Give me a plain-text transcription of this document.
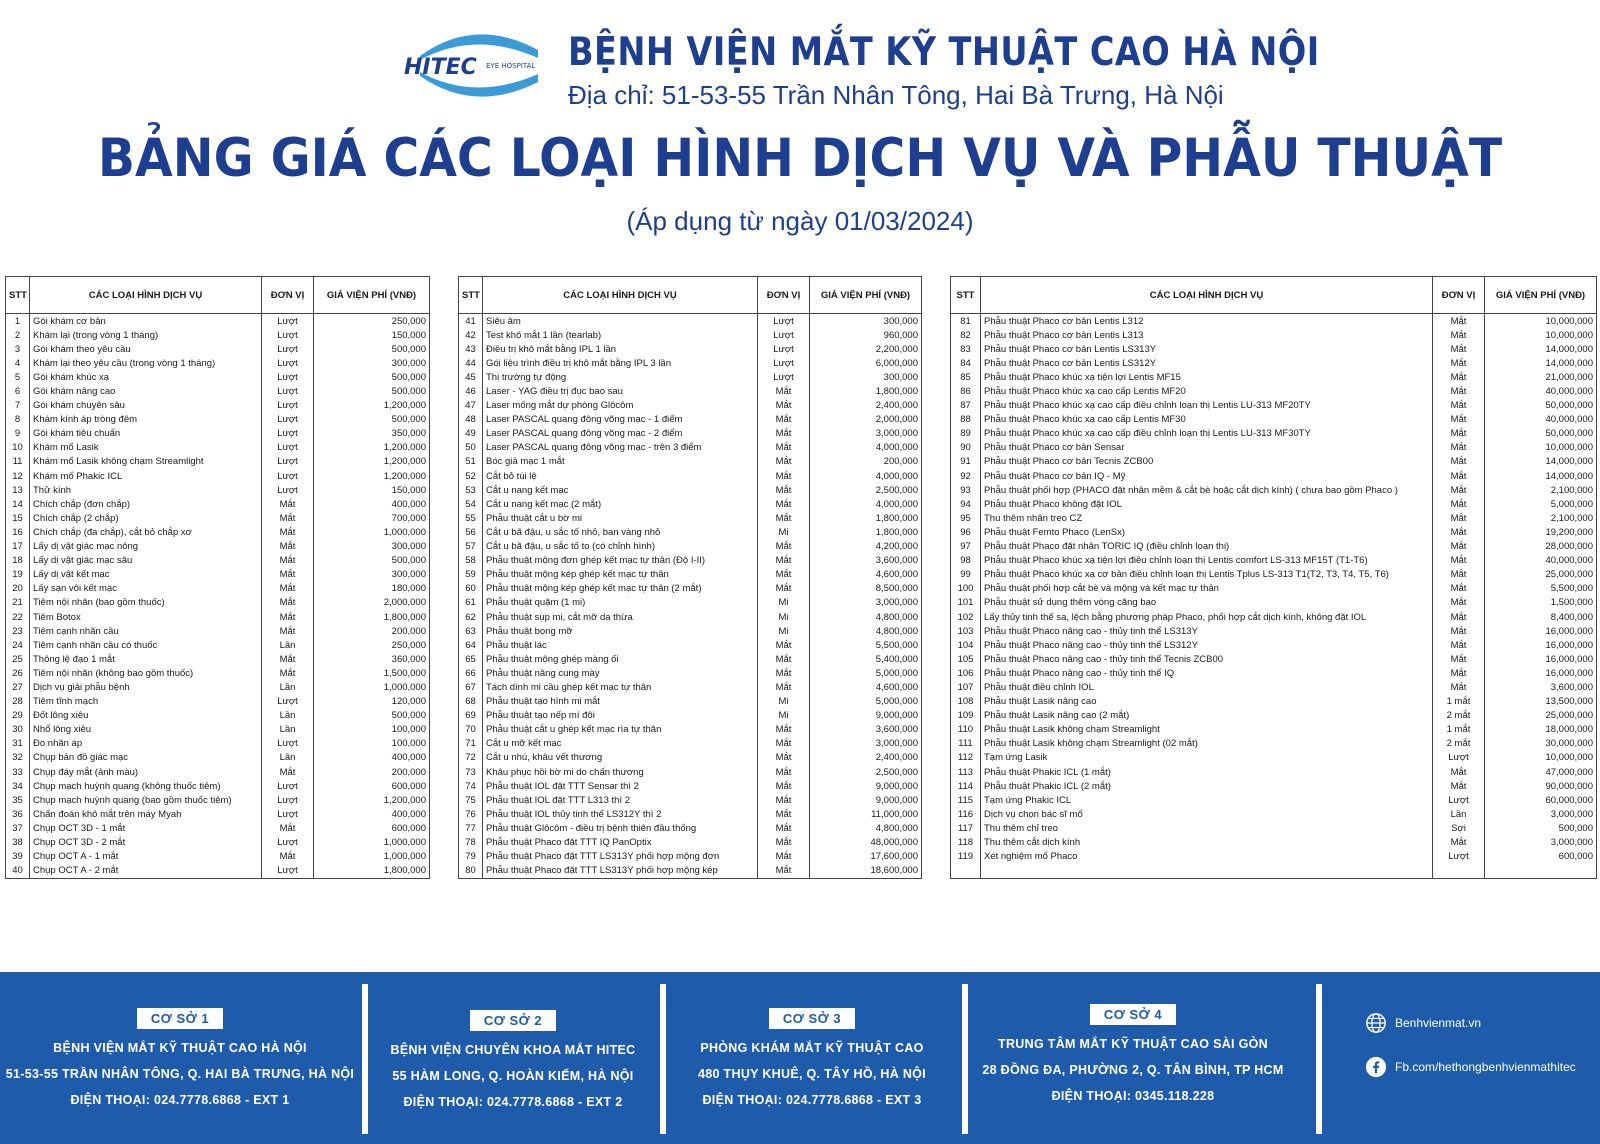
HITEC EYE HOSPITAL BỆNH VIỆN MẮT KỸ THUẬT CAO HÀ NỘI
Địa chỉ: 51-53-55 Trần Nhân Tông, Hai Bà Trưng, Hà Nội
BẢNG GIÁ CÁC LOẠI HÌNH DỊCH VỤ VÀ PHẪU THUẬT
(Áp dụng từ ngày 01/03/2024)
STT	CÁC LOẠI HÌNH DỊCH VỤ	ĐƠN VỊ	GIÁ VIỆN PHÍ (VNĐ)
1	Gói khám cơ bản	Lượt	250,000
2	Khám lại (trong vòng 1 tháng)	Lượt	150,000
3	Gói khám theo yêu cầu	Lượt	500,000
4	Khám lại theo yêu cầu (trong vòng 1 tháng)	Lượt	300,000
5	Gói khám khúc xạ	Lượt	500,000
6	Gói khám nâng cao	Lượt	500,000
7	Gói khám chuyên sâu	Lượt	1,200,000
8	Khám kính áp tròng đêm	Lượt	500,000
9	Gói khám tiêu chuẩn	Lượt	350,000
10	Khám mổ Lasik	Lượt	1,200,000
11	Khám mổ Lasik không chạm Streamlight	Lượt	1,200,000
12	Khám mổ Phakic ICL	Lượt	1,200,000
13	Thử kính	Lượt	150,000
14	Chích chắp (đơn chắp)	Mắt	400,000
15	Chích chắp (2 chắp)	Mắt	700,000
16	Chích chắp (đa chắp), cắt bỏ chắp xơ	Mắt	1,000,000
17	Lấy dị vật giác mạc nông	Mắt	300,000
18	Lấy dị vật giác mạc sâu	Mắt	500,000
19	Lấy dị vật kết mạc	Mắt	300,000
20	Lấy sạn vôi kết mạc	Mắt	180,000
21	Tiêm nội nhãn (bao gồm thuốc)	Mắt	2,000,000
22	Tiêm Botox	Mắt	1,800,000
23	Tiêm cạnh nhãn cầu	Mắt	200,000
24	Tiêm cạnh nhãn cầu có thuốc	Lần	250,000
25	Thông lệ đạo 1 mắt	Mắt	360,000
26	Tiêm nội nhãn (không bao gồm thuốc)	Mắt	1,500,000
27	Dịch vụ giải phẫu bệnh	Lần	1,000,000
28	Tiêm tĩnh mạch	Lượt	120,000
29	Đốt lông xiêu	Lần	500,000
30	Nhổ lông xiêu	Lần	100,000
31	Đo nhãn áp	Lượt	100,000
32	Chụp bản đồ giác mạc	Lần	400,000
33	Chụp đáy mắt (ảnh màu)	Mắt	200,000
34	Chụp mạch huỳnh quang (không thuốc tiêm)	Lượt	600,000
35	Chụp mạch huỳnh quang (bao gồm thuốc tiêm)	Lượt	1,200,000
36	Chẩn đoán khô mắt trên máy Myah	Lượt	400,000
37	Chụp OCT 3D - 1 mắt	Mắt	600,000
38	Chụp OCT 3D - 2 mắt	Lượt	1,000,000
39	Chụp OCT A - 1 mắt	Mắt	1,000,000
40	Chụp OCT A - 2 mắt	Lượt	1,800,000
STT	CÁC LOẠI HÌNH DỊCH VỤ	ĐƠN VỊ	GIÁ VIỆN PHÍ (VNĐ)
41	Siêu âm	Lượt	300,000
42	Test khô mắt 1 lần (tearlab)	Lượt	960,000
43	Điều trị khô mắt bằng IPL 1 lần	Lượt	2,200,000
44	Gói liệu trình điều trị khô mắt bằng IPL 3 lần	Lượt	6,000,000
45	Thị trường tự động	Lượt	300,000
46	Laser - YAG điều trị đục bao sau	Mắt	1,800,000
47	Laser mống mắt dự phòng Glôcôm	Mắt	2,400,000
48	Laser PASCAL quang đông võng mạc - 1 điểm	Mắt	2,000,000
49	Laser PASCAL quang đông võng mạc - 2 điểm	Mắt	3,000,000
50	Laser PASCAL quang đông võng mạc - trên 3 điểm	Mắt	4,000,000
51	Bóc giả mạc 1 mắt	Mắt	200,000
52	Cắt bỏ túi lệ	Mắt	4,000,000
53	Cắt u nang kết mạc	Mắt	2,500,000
54	Cắt u nang kết mạc (2 mắt)	Mắt	4,000,000
55	Phẫu thuật cắt u bờ mi	Mắt	1,800,000
56	Cắt u bã đậu, u sắc tố nhỏ, ban vàng nhỏ	Mi	1,800,000
57	Cắt u bã đậu, u sắc tố to (có chỉnh hình)	Mắt	4,200,000
58	Phẫu thuật mộng đơn ghép kết mạc tự thân (Độ I-II)	Mắt	3,600,000
59	Phẫu thuật mộng kép ghép kết mạc tự thân	Mắt	4,600,000
60	Phẫu thuật mộng kép ghép kết mạc tự thân (2 mắt)	Mắt	8,500,000
61	Phẫu thuật quặm (1 mi)	Mi	3,000,000
62	Phẫu thuật sụp mi, cắt mỡ da thừa	Mi	4,800,000
63	Phẫu thuật bọng mỡ	Mi	4,800,000
64	Phẫu thuật lác	Mắt	5,500,000
65	Phẫu thuật mộng ghép màng ối	Mắt	5,400,000
66	Phẫu thuật nâng cung mày	Mắt	5,000,000
67	Tách dính mi cầu ghép kết mạc tự thân	Mắt	4,600,000
68	Phẫu thuật tạo hình mi mắt	Mi	5,000,000
69	Phẫu thuật tạo nếp mí đôi	Mi	9,000,000
70	Phẫu thuật cắt u ghép kết mạc rìa tự thân	Mắt	3,600,000
71	Cắt u mỡ kết mạc	Mắt	3,000,000
72	Cắt u nhú, khâu vết thương	Mắt	2,400,000
73	Khâu phục hồi bờ mi do chấn thương	Mắt	2,500,000
74	Phẫu thuật IOL đặt TTT Sensar thì 2	Mắt	9,000,000
75	Phẫu thuật IOL đặt TTT L313 thì 2	Mắt	9,000,000
76	Phẫu thuật IOL thủy tinh thể LS312Y thì 2	Mắt	11,000,000
77	Phẫu thuật Glôcôm - điều trị bệnh thiên đầu thống	Mắt	4,800,000
78	Phẫu thuật Phaco đặt TTT IQ PanOptix	Mắt	48,000,000
79	Phẫu thuật Phaco đặt TTT LS313Y phối hợp mộng đơn	Mắt	17,600,000
80	Phẫu thuật Phaco đặt TTT LS313Y phối hợp mộng kép	Mắt	18,600,000
STT	CÁC LOẠI HÌNH DỊCH VỤ	ĐƠN VỊ	GIÁ VIỆN PHÍ (VNĐ)
81	Phẫu thuật Phaco cơ bản Lentis L312	Mắt	10,000,000
82	Phẫu thuật Phaco cơ bản Lentis L313	Mắt	10,000,000
83	Phẫu thuật Phaco cơ bản Lentis LS313Y	Mắt	14,000,000
84	Phẫu thuật Phaco cơ bản Lentis LS312Y	Mắt	14,000,000
85	Phẫu thuật Phaco khúc xạ tiện lợi Lentis MF15	Mắt	21,000,000
86	Phẫu thuật Phaco khúc xạ cao cấp Lentis MF20	Mắt	40,000,000
87	Phẫu thuật Phaco khúc xạ cao cấp điều chỉnh loạn thị Lentis LU-313 MF20TY	Mắt	50,000,000
88	Phẫu thuật Phaco khúc xạ cao cấp Lentis MF30	Mắt	40,000,000
89	Phẫu thuật Phaco khúc xạ cao cấp điều chỉnh loạn thị Lentis LU-313 MF30TY	Mắt	50,000,000
90	Phẫu thuật Phaco cơ bản Sensar	Mắt	10,000,000
91	Phẫu thuật Phaco cơ bản Tecnis ZCB00	Mắt	14,000,000
92	Phẫu thuật Phaco cơ bản IQ - Mỹ	Mắt	14,000,000
93	Phẫu thuật phối hợp (PHACO đặt nhân mềm & cắt bè hoặc cắt dịch kính) ( chưa bao gồm Phaco )	Mắt	2,100,000
94	Phẫu thuật Phaco không đặt IOL	Mắt	5,000,000
95	Thu thêm nhân treo CZ	Mắt	2,100,000
96	Phẫu thuật Femto Phaco (LenSx)	Mắt	19,200,000
97	Phẫu thuật Phaco đặt nhân TORIC IQ (điều chỉnh loạn thị)	Mắt	28,000,000
98	Phẫu thuật Phaco khúc xạ tiện lợi điều chỉnh loạn thị Lentis comfort LS-313 MF15T (T1-T6)	Mắt	40,000,000
99	Phẫu thuật Phaco khúc xạ cơ bản điều chỉnh loạn thị Lentis Tplus LS-313 T1(T2, T3, T4, T5, T6)	Mắt	25,000,000
100	Phẫu thuật phối hợp cắt bè và mộng và kết mạc tự thân	Mắt	5,500,000
101	Phẫu thuật sử dụng thêm vòng căng bao	Mắt	1,500,000
102	Lấy thủy tinh thể sa, lệch bằng phương pháp Phaco, phối hợp cắt dịch kính, không đặt IOL	Mắt	8,400,000
103	Phẫu thuật Phaco nâng cao - thủy tinh thể LS313Y	Mắt	16,000,000
104	Phẫu thuật Phaco nâng cao - thủy tinh thể LS312Y	Mắt	16,000,000
105	Phẫu thuật Phaco nâng cao - thủy tinh thể Tecnis ZCB00	Mắt	16,000,000
106	Phẫu thuật Phaco nâng cao - thủy tinh thể IQ	Mắt	16,000,000
107	Phẫu thuật điều chỉnh IOL	Mắt	3,600,000
108	Phẫu thuật Lasik nâng cao	1 mắt	13,500,000
109	Phẫu thuật Lasik nâng cao (2 mắt)	2 mắt	25,000,000
110	Phẫu thuật Lasik không chạm Streamlight	1 mắt	18,000,000
111	Phẫu thuật Lasik không chạm Streamlight (02 mắt)	2 mắt	30,000,000
112	Tạm ứng Lasik	Lượt	10,000,000
113	Phẫu thuật Phakic ICL (1 mắt)	Mắt	47,000,000
114	Phẫu thuật Phakic ICL (2 mắt)	Mắt	90,000,000
115	Tạm ứng Phakic ICL	Lượt	60,000,000
116	Dịch vụ chọn bác sĩ mổ	Lần	3,000,000
117	Thu thêm chỉ treo	Sợi	500,000
118	Thu thêm cắt dịch kính	Mắt	3,000,000
119	Xét nghiệm mổ Phaco	Lượt	600,000

CƠ SỞ 1
BỆNH VIỆN MẮT KỸ THUẬT CAO HÀ NỘI
51-53-55 TRẦN NHÂN TÔNG, Q. HAI BÀ TRƯNG, HÀ NỘI
ĐIỆN THOẠI: 024.7778.6868 - EXT 1
CƠ SỞ 2
BỆNH VIỆN CHUYÊN KHOA MẮT HITEC
55 HÀM LONG, Q. HOÀN KIẾM, HÀ NỘI
ĐIỆN THOẠI: 024.7778.6868 - EXT 2
CƠ SỞ 3
PHÒNG KHÁM MẮT KỸ THUẬT CAO
480 THỤY KHUÊ, Q. TÂY HỒ, HÀ NỘI
ĐIỆN THOẠI: 024.7778.6868 - EXT 3
CƠ SỞ 4
TRUNG TÂM MẮT KỸ THUẬT CAO SÀI GÒN
28 ĐỒNG ĐA, PHƯỜNG 2, Q. TÂN BÌNH, TP HCM
ĐIỆN THOẠI: 0345.118.228
Benhvienmat.vn
Fb.com/hethongbenhvienmathitec
